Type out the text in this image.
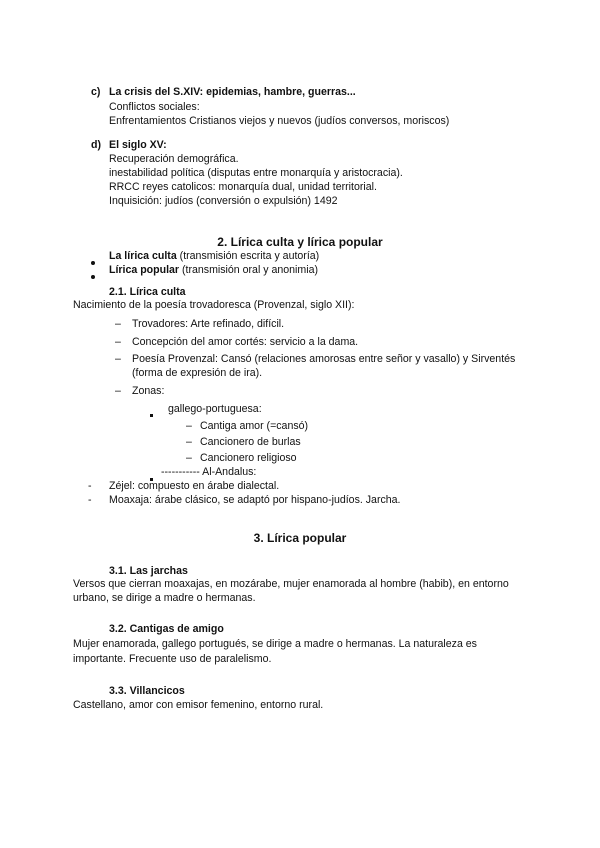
c) La crisis del S.XIV: epidemias, hambre, guerras...
Conflictos sociales:
Enfrentamientos Cristianos viejos y nuevos (judíos conversos, moriscos)
d) El siglo XV:
Recuperación demográfica.
inestabilidad política (disputas entre monarquía y aristocracia).
RRCC reyes catolicos: monarquía dual, unidad territorial.
Inquisición: judíos (conversión o expulsión) 1492
2. Lírica culta y lírica popular
La lírica culta (transmisión escrita y autoría)
Lírica popular (transmisión oral y anonimia)
2.1. Lírica culta
Nacimiento de la poesía trovadoresca (Provenzal, siglo XII):
– Trovadores: Arte refinado, difícil.
– Concepción del amor cortés: servicio a la dama.
– Poesía Provenzal: Cansó (relaciones amorosas entre señor y vasallo) y Sirventés
(forma de expresión de ira).
– Zonas:
gallego-portuguesa:
– Cantiga amor (=cansó)
– Cancionero de burlas
– Cancionero religioso
----------- Al-Andalus:
- Zéjel: compuesto en árabe dialectal.
- Moaxaja: árabe clásico, se adaptó por hispano-judíos. Jarcha.
3. Lírica popular
3.1. Las jarchas
Versos que cierran moaxajas, en mozárabe, mujer enamorada al hombre (habib), en entorno
urbano, se dirige a madre o hermanas.
3.2. Cantigas de amigo
Mujer enamorada, gallego portugués, se dirige a madre o hermanas. La naturaleza es
importante. Frecuente uso de paralelismo.
3.3. Villancicos
Castellano, amor con emisor femenino, entorno rural.
